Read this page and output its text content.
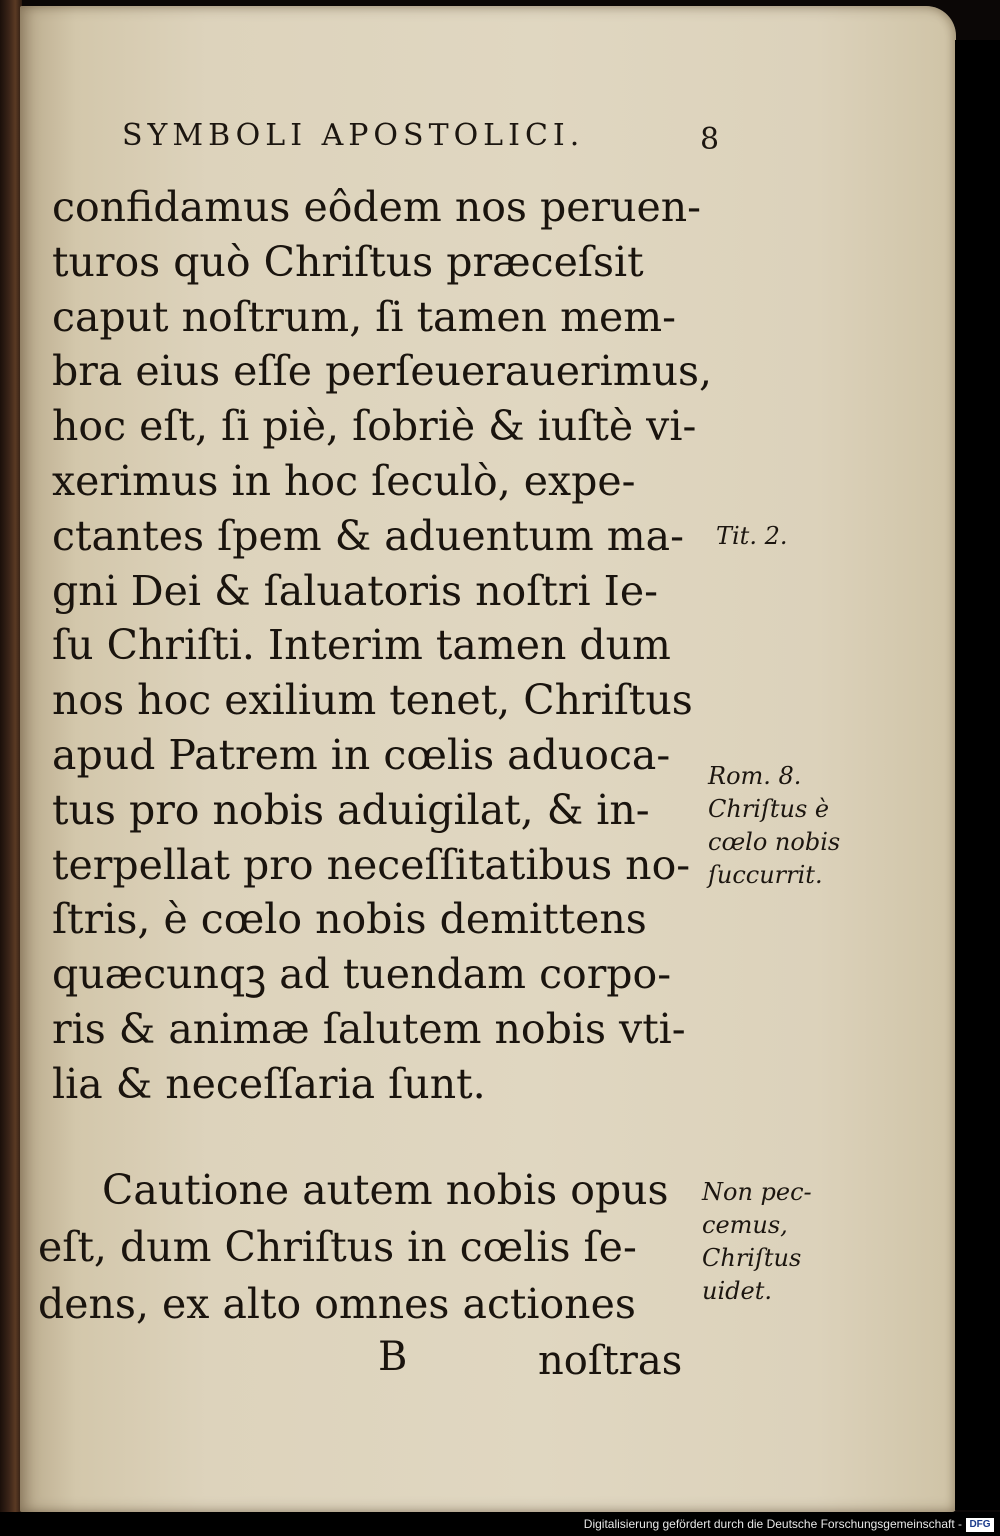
SYMBOLI APOSTOLICI.	8
confidamus eôdem nos peruen-
turos quò Chriſtus præceſsit
caput noſtrum, ſi tamen mem-
bra eius eſſe perſeuerauerimus,
hoc eſt, ſi piè, ſobriè & iuſtè vi-
xerimus in hoc ſeculò, expe-
ctantes ſpem & aduentum ma-
gni Dei & ſaluatoris noſtri Ie-
ſu Chriſti. Interim tamen dum
nos hoc exilium tenet, Chriſtus
apud Patrem in cœlis aduoca-
tus pro nobis aduigilat, & in-
terpellat pro neceſſitatibus no-
ſtris, è cœlo nobis demittens
quæcunqꝫ ad tuendam corpo-
ris & animæ ſalutem nobis vti-
lia & neceſſaria ſunt.
Cautione autem nobis opus
eſt, dum Chriſtus in cœlis ſe-
dens, ex alto omnes actiones
B	noſtras
Tit. 2.
Rom. 8.
Chriſtus è
cœlo nobis
ſuccurrit.
Non pec-
cemus,
Chriſtus
uidet.
Digitalisierung gefördert durch die Deutsche Forschungsgemeinschaft - DFG
